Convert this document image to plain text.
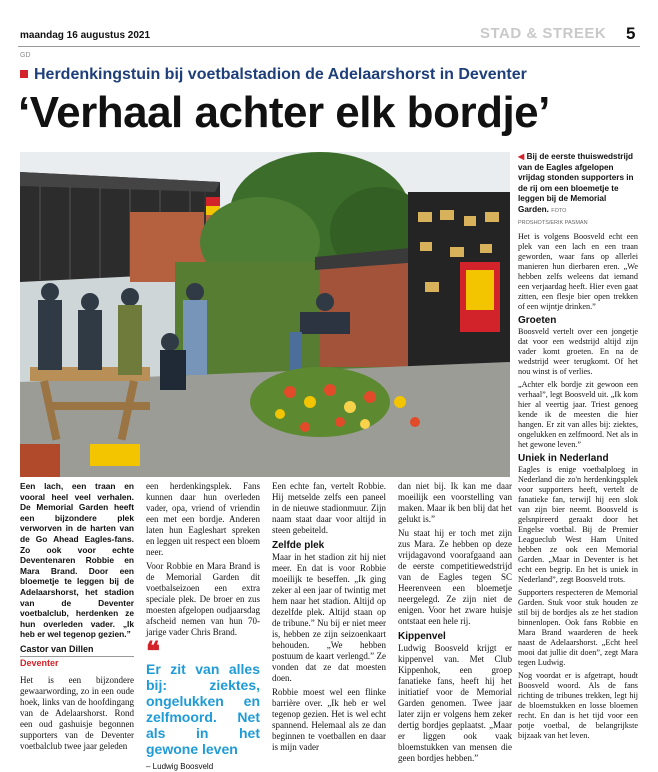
maandag 16 augustus 2021	STAD & STREEK 5
GD
Herdenkingstuin bij voetbalstadion de Adelaarshorst in Deventer
‘Verhaal achter elk bordje’
◀ Bij de eerste thuiswedstrijd van de Eagles afgelopen vrijdag stonden supporters in de rij om een bloemetje te leggen bij de Memorial Garden. FOTO
PROSHOTS/ERIK PASMAN
Een lach, een traan en vooral heel veel verhalen. De Memorial Garden heeft een bijzondere plek verworven in de harten van de Go Ahead Eagles-fans. Zo ook voor echte Deventenaren Robbie en Mara Brand. Door een bloemetje te leggen bij de Adelaarshorst, het stadion van de Deventer voetbalclub, herdenken ze hun overleden vader. „Ik heb er wel tegenop gezien.”
Castor van Dillen
Deventer

Het is een bijzondere gewaarwording, zo in een oude hoek, links van de hoofdingang van de Adelaarshorst. Rond een oud gashuisje begonnen supporters van de Deventer voetbalclub twee jaar geleden

een herdenkingsplek. Fans kunnen daar hun overleden vader, opa, vriend of vriendin een met een bordje. Anderen laten hun Eagleshart spreken en leggen uit respect een bloem neer.

Voor Robbie en Mara Brand is de Memorial Garden dit voetbalseizoen een extra speciale plek. De broer en zus moesten afgelopen oudjaarsdag afscheid nemen van hun 70-jarige vader Chris Brand.

❝
Er zit van alles bij: ziektes, ongelukken en zelfmoord. Net als in het gewone leven
– Ludwig Boosveld

Een echte fan, vertelt Robbie. Hij metselde zelfs een paneel in de nieuwe stadionmuur. Zijn naam staat daar voor altijd in steen gebeiteld.

Zelfde plek

Maar in het stadion zit hij niet meer. En dat is voor Robbie moeilijk te beseffen. „Ik ging zeker al een jaar of twintig met hem naar het stadion. Altijd op dezelfde plek. Altijd staan op de tribune.” Nu bij er niet meer is, hebben ze zijn seizoenkaart behouden. „We hebben postuum de kaart verlengd.” Ze vonden dat ze dat moesten doen.

Robbie moest wel een flinke barrière over. „Ik heb er wel tegenop gezien. Het is wel echt spannend. Helemaal als ze dan beginnen te voetballen en daar is mijn vader

dan niet bij. Ik kan me daar moeilijk een voorstelling van maken. Maar ik ben blij dat het gelukt is.”

Nu staat hij er toch met zijn zus Mara. Ze hebben op deze vrijdagavond voorafgaand aan de eerste competitiewedstrijd van de Eagles tegen SC Heerenveen een bloemetje neergelegd. Ze zijn niet de enigen. Voor het zware huisje ontstaat een hele rij.

Kippenvel

Ludwig Boosveld krijgt er kippenvel van. Met Club Kippenhok, een groep fanatieke fans, heeft hij het initiatief voor de Memorial Garden genomen. Twee jaar later zijn er volgens hem zeker dertig bordjes geplaatst. „Maar er liggen ook vaak bloemstukken van mensen die geen bordjes hebben.”

Het is volgens Boosveld echt een plek van een lach en een traan geworden, waar fans op allerlei manieren hun dierbaren eren. „We hebben zelfs weleens dat iemand een verjaardag heeft. Hier even gaat zitten, een flesje bier open trekken of een wijntje drinken.”

Groeten

Boosveld vertelt over een jongetje dat voor een wedstrijd altijd zijn vader komt groeten. En na de wedstrijd weer terugkomt. Of het nou winst is of verlies.

„Achter elk bordje zit gewoon een verhaal”, legt Boosveld uit. „Ik kom hier al veertig jaar. Triest genoeg kende ik de meesten die hier hangen. Er zit van alles bij: ziektes, ongelukken en zelfmoord. Net als in het gewone leven.”

Uniek in Nederland

Eagles is enige voetbalploeg in Nederland die zo'n herdenkingsplek voor supporters heeft, vertelt de fanatieke fan, terwijl hij een slok van zijn bier neemt. Boosveld is gelsnpireerd geraakt door het Engelse voetbal. Bij de Premier Leagueclub West Ham United hebben ze ook een Memorial Garden. „Maar in Deventer is het echt een begrip. En het is uniek in Nederland”, zegt Boosveld trots.

Supporters respecteren de Memorial Garden. Stuk voor stuk houden ze stil bij de bordjes als ze het stadion binnenlopen. Ook fans Robbie en Mara Brand waarderen de heek naast de Adelaarshorst. „Echt heel mooi dat jullie dit doen”, zegt Mara tegen Ludwig.

Nog voordat er is afgetrapt, houdt Boosveld woord. Als de fans richting de tribunes trekken, legt hij de bloemstukken en losse bloemen recht. En dan is het tijd voor een potje voetbal, de belangrijkste bijzaak van het leven.
